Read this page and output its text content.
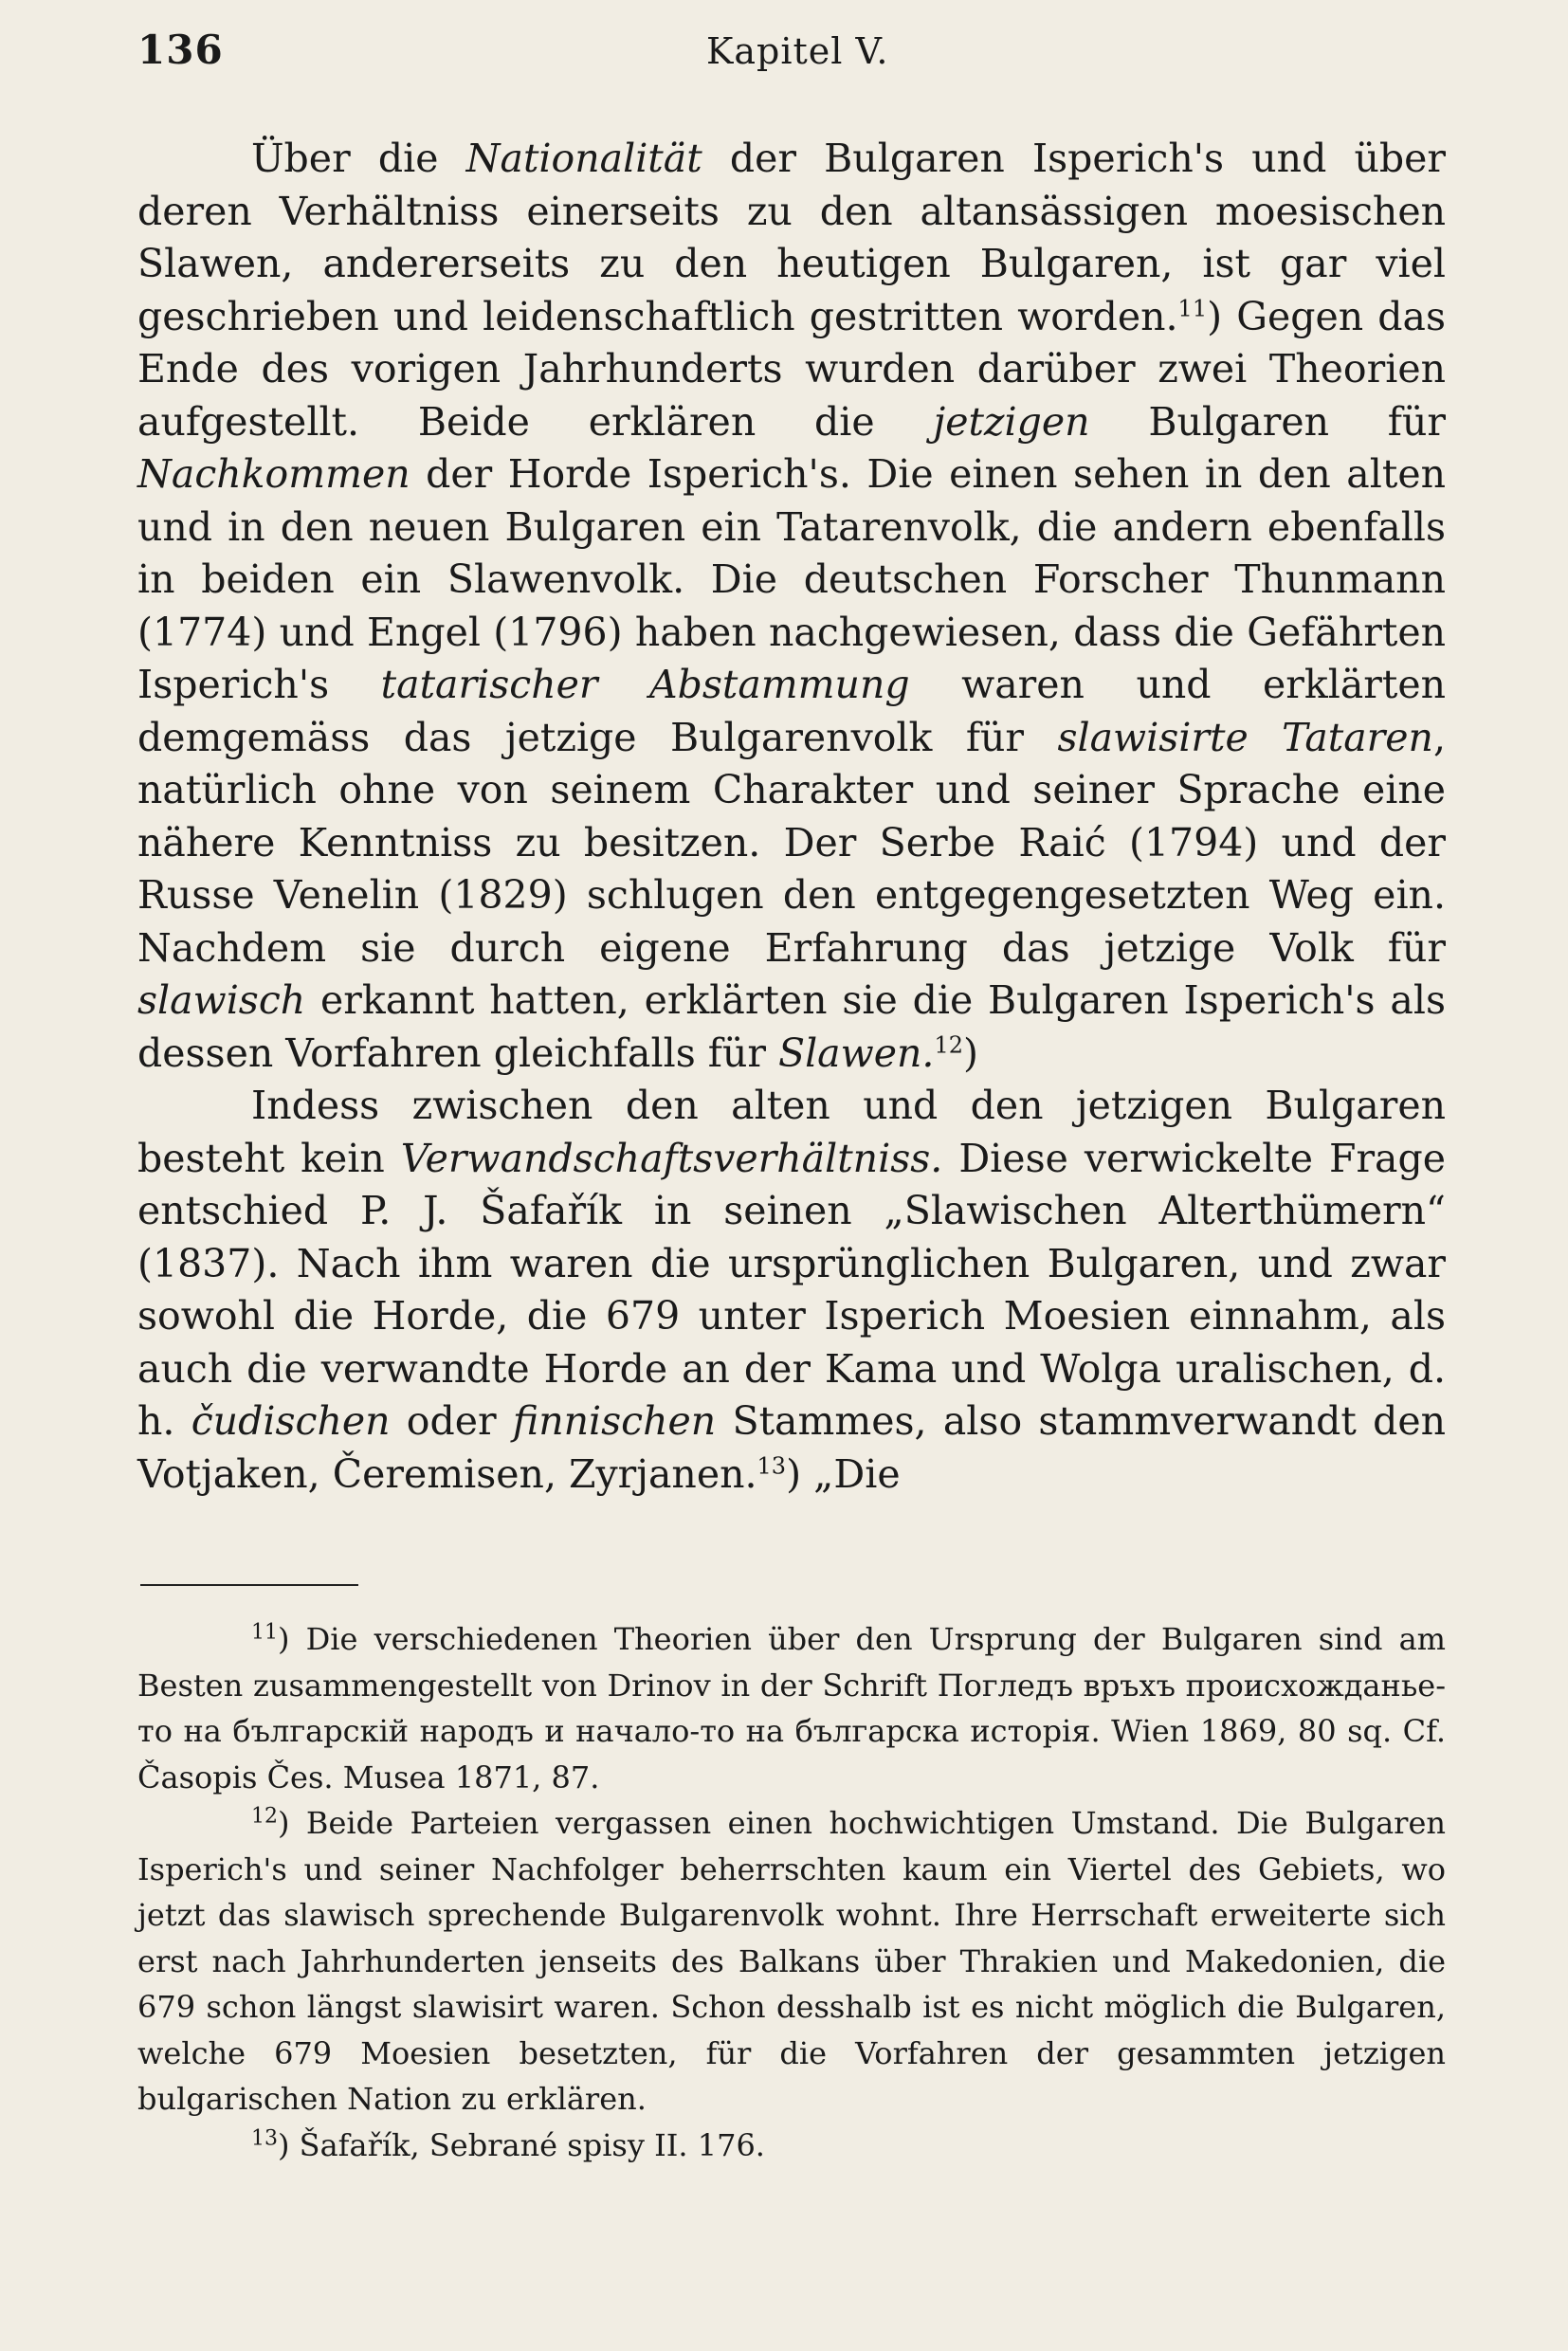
136	Kapitel V.

Über die Nationalität der Bulgaren Isperich's und über deren Verhältniss einerseits zu den altansässigen moesischen Slawen, andererseits zu den heutigen Bulgaren, ist gar viel geschrieben und leidenschaftlich gestritten worden.$^{11}$) Gegen das Ende des vorigen Jahrhunderts wurden darüber zwei Theorien aufgestellt. Beide erklären die jetzigen Bulgaren für Nachkommen der Horde Isperich's. Die einen sehen in den alten und in den neuen Bulgaren ein Tatarenvolk, die andern ebenfalls in beiden ein Slawenvolk. Die deutschen Forscher Thunmann (1774) und Engel (1796) haben nachgewiesen, dass die Gefährten Isperich's tatarischer Abstammung waren und erklärten demgemäss das jetzige Bulgarenvolk für slawisirte Tataren, natürlich ohne von seinem Charakter und seiner Sprache eine nähere Kenntniss zu besitzen. Der Serbe Raić (1794) und der Russe Venelin (1829) schlugen den entgegengesetzten Weg ein. Nachdem sie durch eigene Erfahrung das jetzige Volk für slawisch erkannt hatten, erklärten sie die Bulgaren Isperich's als dessen Vorfahren gleichfalls für Slawen.$^{12}$)

Indess zwischen den alten und den jetzigen Bulgaren besteht kein Verwandschaftsverhältniss. Diese verwickelte Frage entschied P. J. Šafařík in seinen „Slawischen Alterthümern“ (1837). Nach ihm waren die ursprünglichen Bulgaren, und zwar sowohl die Horde, die 679 unter Isperich Moesien einnahm, als auch die verwandte Horde an der Kama und Wolga uralischen, d. h. čudischen oder finnischen Stammes, also stammverwandt den Votjaken, Čeremisen, Zyrjanen.$^{13}$) „Die

$^{11}$) Die verschiedenen Theorien über den Ursprung der Bulgaren sind am Besten zusammengestellt von Drinov in der Schrift Погледъ връхъ происхожданье-то на българскій народъ и начало-то на българска исторія. Wien 1869, 80 sq. Cf. Časopis Čes. Musea 1871, 87.

$^{12}$) Beide Parteien vergassen einen hochwichtigen Umstand. Die Bulgaren Isperich's und seiner Nachfolger beherrschten kaum ein Viertel des Gebiets, wo jetzt das slawisch sprechende Bulgarenvolk wohnt. Ihre Herrschaft erweiterte sich erst nach Jahrhunderten jenseits des Balkans über Thrakien und Makedonien, die 679 schon längst slawisirt waren. Schon desshalb ist es nicht möglich die Bulgaren, welche 679 Moesien besetzten, für die Vorfahren der gesammten jetzigen bulgarischen Nation zu erklären.

$^{13}$) Šafařík, Sebrané spisy II. 176.
